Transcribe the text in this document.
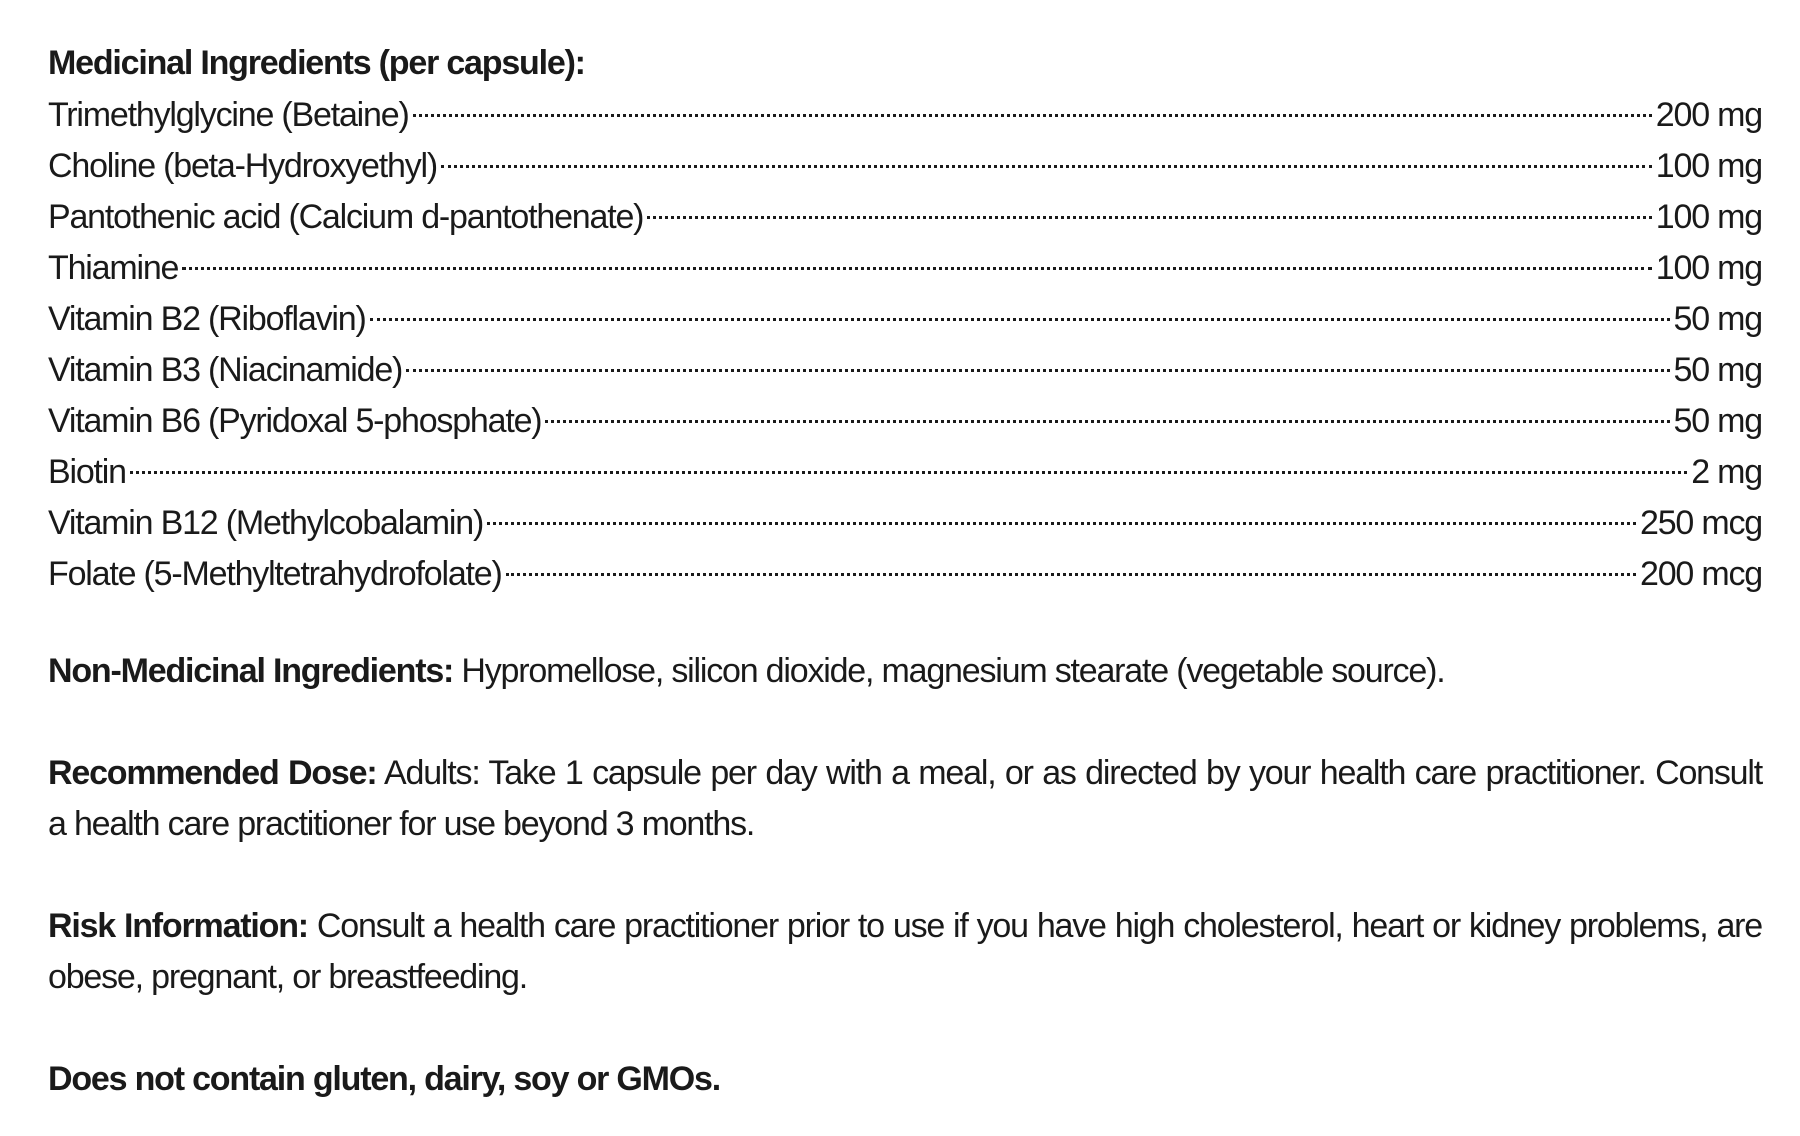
Medicinal Ingredients (per capsule):

Trimethylglycine (Betaine)	200 mg
Choline (beta-Hydroxyethyl)	100 mg
Pantothenic acid (Calcium d-pantothenate)	100 mg
Thiamine	100 mg
Vitamin B2 (Riboflavin)	50 mg
Vitamin B3 (Niacinamide)	50 mg
Vitamin B6 (Pyridoxal 5-phosphate)	50 mg
Biotin	2 mg
Vitamin B12 (Methylcobalamin)	250 mcg
Folate (5-Methyltetrahydrofolate)	200 mcg

Non-Medicinal Ingredients: Hypromellose, silicon dioxide, magnesium stearate (vegetable source).

Recommended Dose: Adults: Take 1 capsule per day with a meal, or as directed by your health care practitioner. Consult a health care practitioner for use beyond 3 months.

Risk Information: Consult a health care practitioner prior to use if you have high cholesterol, heart or kidney problems, are obese, pregnant, or breastfeeding.

Does not contain gluten, dairy, soy or GMOs.
